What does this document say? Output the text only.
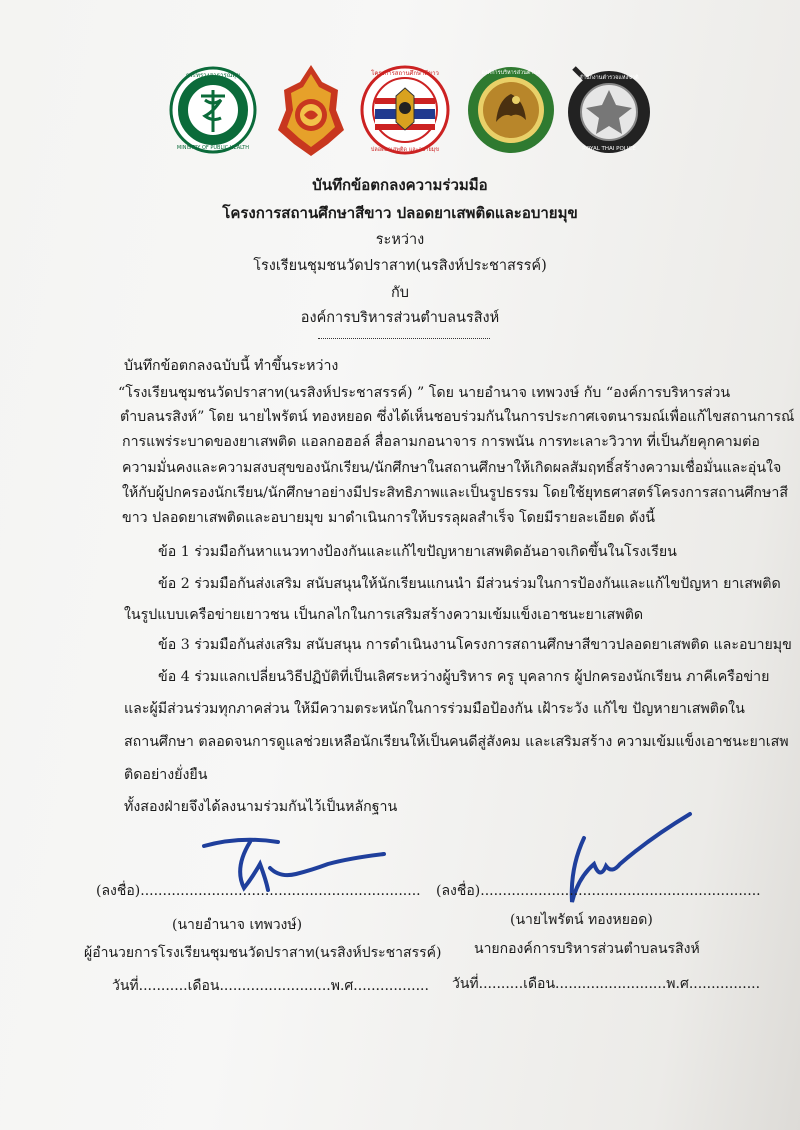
กระทรวงสาธารณสุข
MINISTRY OF PUBLIC HEALTH
โครงการสถานศึกษาสีขาว
ปลอดยาเสพติด และอบายมุข
องค์การบริหารส่วนตำบล
สำนักงานตำรวจแห่งชาติ
ROYAL THAI POLICE
บันทึกข้อตกลงความร่วมมือ
โครงการสถานศึกษาสีขาว ปลอดยาเสพติดและอบายมุข
ระหว่าง
โรงเรียนชุมชนวัดปราสาท(นรสิงห์ประชาสรรค์)
กับ
องค์การบริหารส่วนตำบลนรสิงห์
บันทึกข้อตกลงฉบับนี้ ทำขึ้นระหว่าง
“โรงเรียนชุมชนวัดปราสาท(นรสิงห์ประชาสรรค์) ” โดย นายอำนาจ เทพวงษ์ กับ “องค์การบริหารส่วน
ตำบลนรสิงห์” โดย นายไพรัตน์ ทองหยอด ซึ่งได้เห็นชอบร่วมกันในการประกาศเจตนารมณ์เพื่อแก้ไขสถานการณ์
การแพร่ระบาดของยาเสพติด แอลกอฮอล์ สื่อลามกอนาจาร การพนัน การทะเลาะวิวาท ที่เป็นภัยคุกคามต่อ
ความมั่นคงและความสงบสุขของนักเรียน/นักศึกษาในสถานศึกษาให้เกิดผลสัมฤทธิ์สร้างความเชื่อมั่นและอุ่นใจ
ให้กับผู้ปกครองนักเรียน/นักศึกษาอย่างมีประสิทธิภาพและเป็นรูปธรรม โดยใช้ยุทธศาสตร์โครงการสถานศึกษาสี
ขาว ปลอดยาเสพติดและอบายมุข มาดำเนินการให้บรรลุผลสำเร็จ โดยมีรายละเอียด ดังนี้
ข้อ 1 ร่วมมือกันหาแนวทางป้องกันและแก้ไขปัญหายาเสพติดอันอาจเกิดขึ้นในโรงเรียน
ข้อ 2 ร่วมมือกันส่งเสริม สนับสนุนให้นักเรียนแกนนำ มีส่วนร่วมในการป้องกันและแก้ไขปัญหา ยาเสพติด
ในรูปแบบเครือข่ายเยาวชน เป็นกลไกในการเสริมสร้างความเข้มแข็งเอาชนะยาเสพติด
ข้อ 3 ร่วมมือกันส่งเสริม สนับสนุน การดำเนินงานโครงการสถานศึกษาสีขาวปลอดยาเสพติด และอบายมุข
ข้อ 4 ร่วมแลกเปลี่ยนวิธีปฏิบัติที่เป็นเลิศระหว่างผู้บริหาร ครู บุคลากร ผู้ปกครองนักเรียน ภาคีเครือข่าย
และผู้มีส่วนร่วมทุกภาคส่วน ให้มีความตระหนักในการร่วมมือป้องกัน เฝ้าระวัง แก้ไข ปัญหายาเสพติดใน
สถานศึกษา ตลอดจนการดูแลช่วยเหลือนักเรียนให้เป็นคนดีสู่สังคม และเสริมสร้าง ความเข้มแข็งเอาชนะยาเสพ
ติดอย่างยั่งยืน
ทั้งสองฝ่ายจึงได้ลงนามร่วมกันไว้เป็นหลักฐาน
(ลงชื่อ)...............................................................
(นายอำนาจ เทพวงษ์)
ผู้อำนวยการโรงเรียนชุมชนวัดปราสาท(นรสิงห์ประชาสรรค์)
วันที่...........เดือน.........................พ.ศ.................
(ลงชื่อ)...............................................................
(นายไพรัตน์ ทองหยอด)
นายกองค์การบริหารส่วนตำบลนรสิงห์
วันที่..........เดือน.........................พ.ศ................
